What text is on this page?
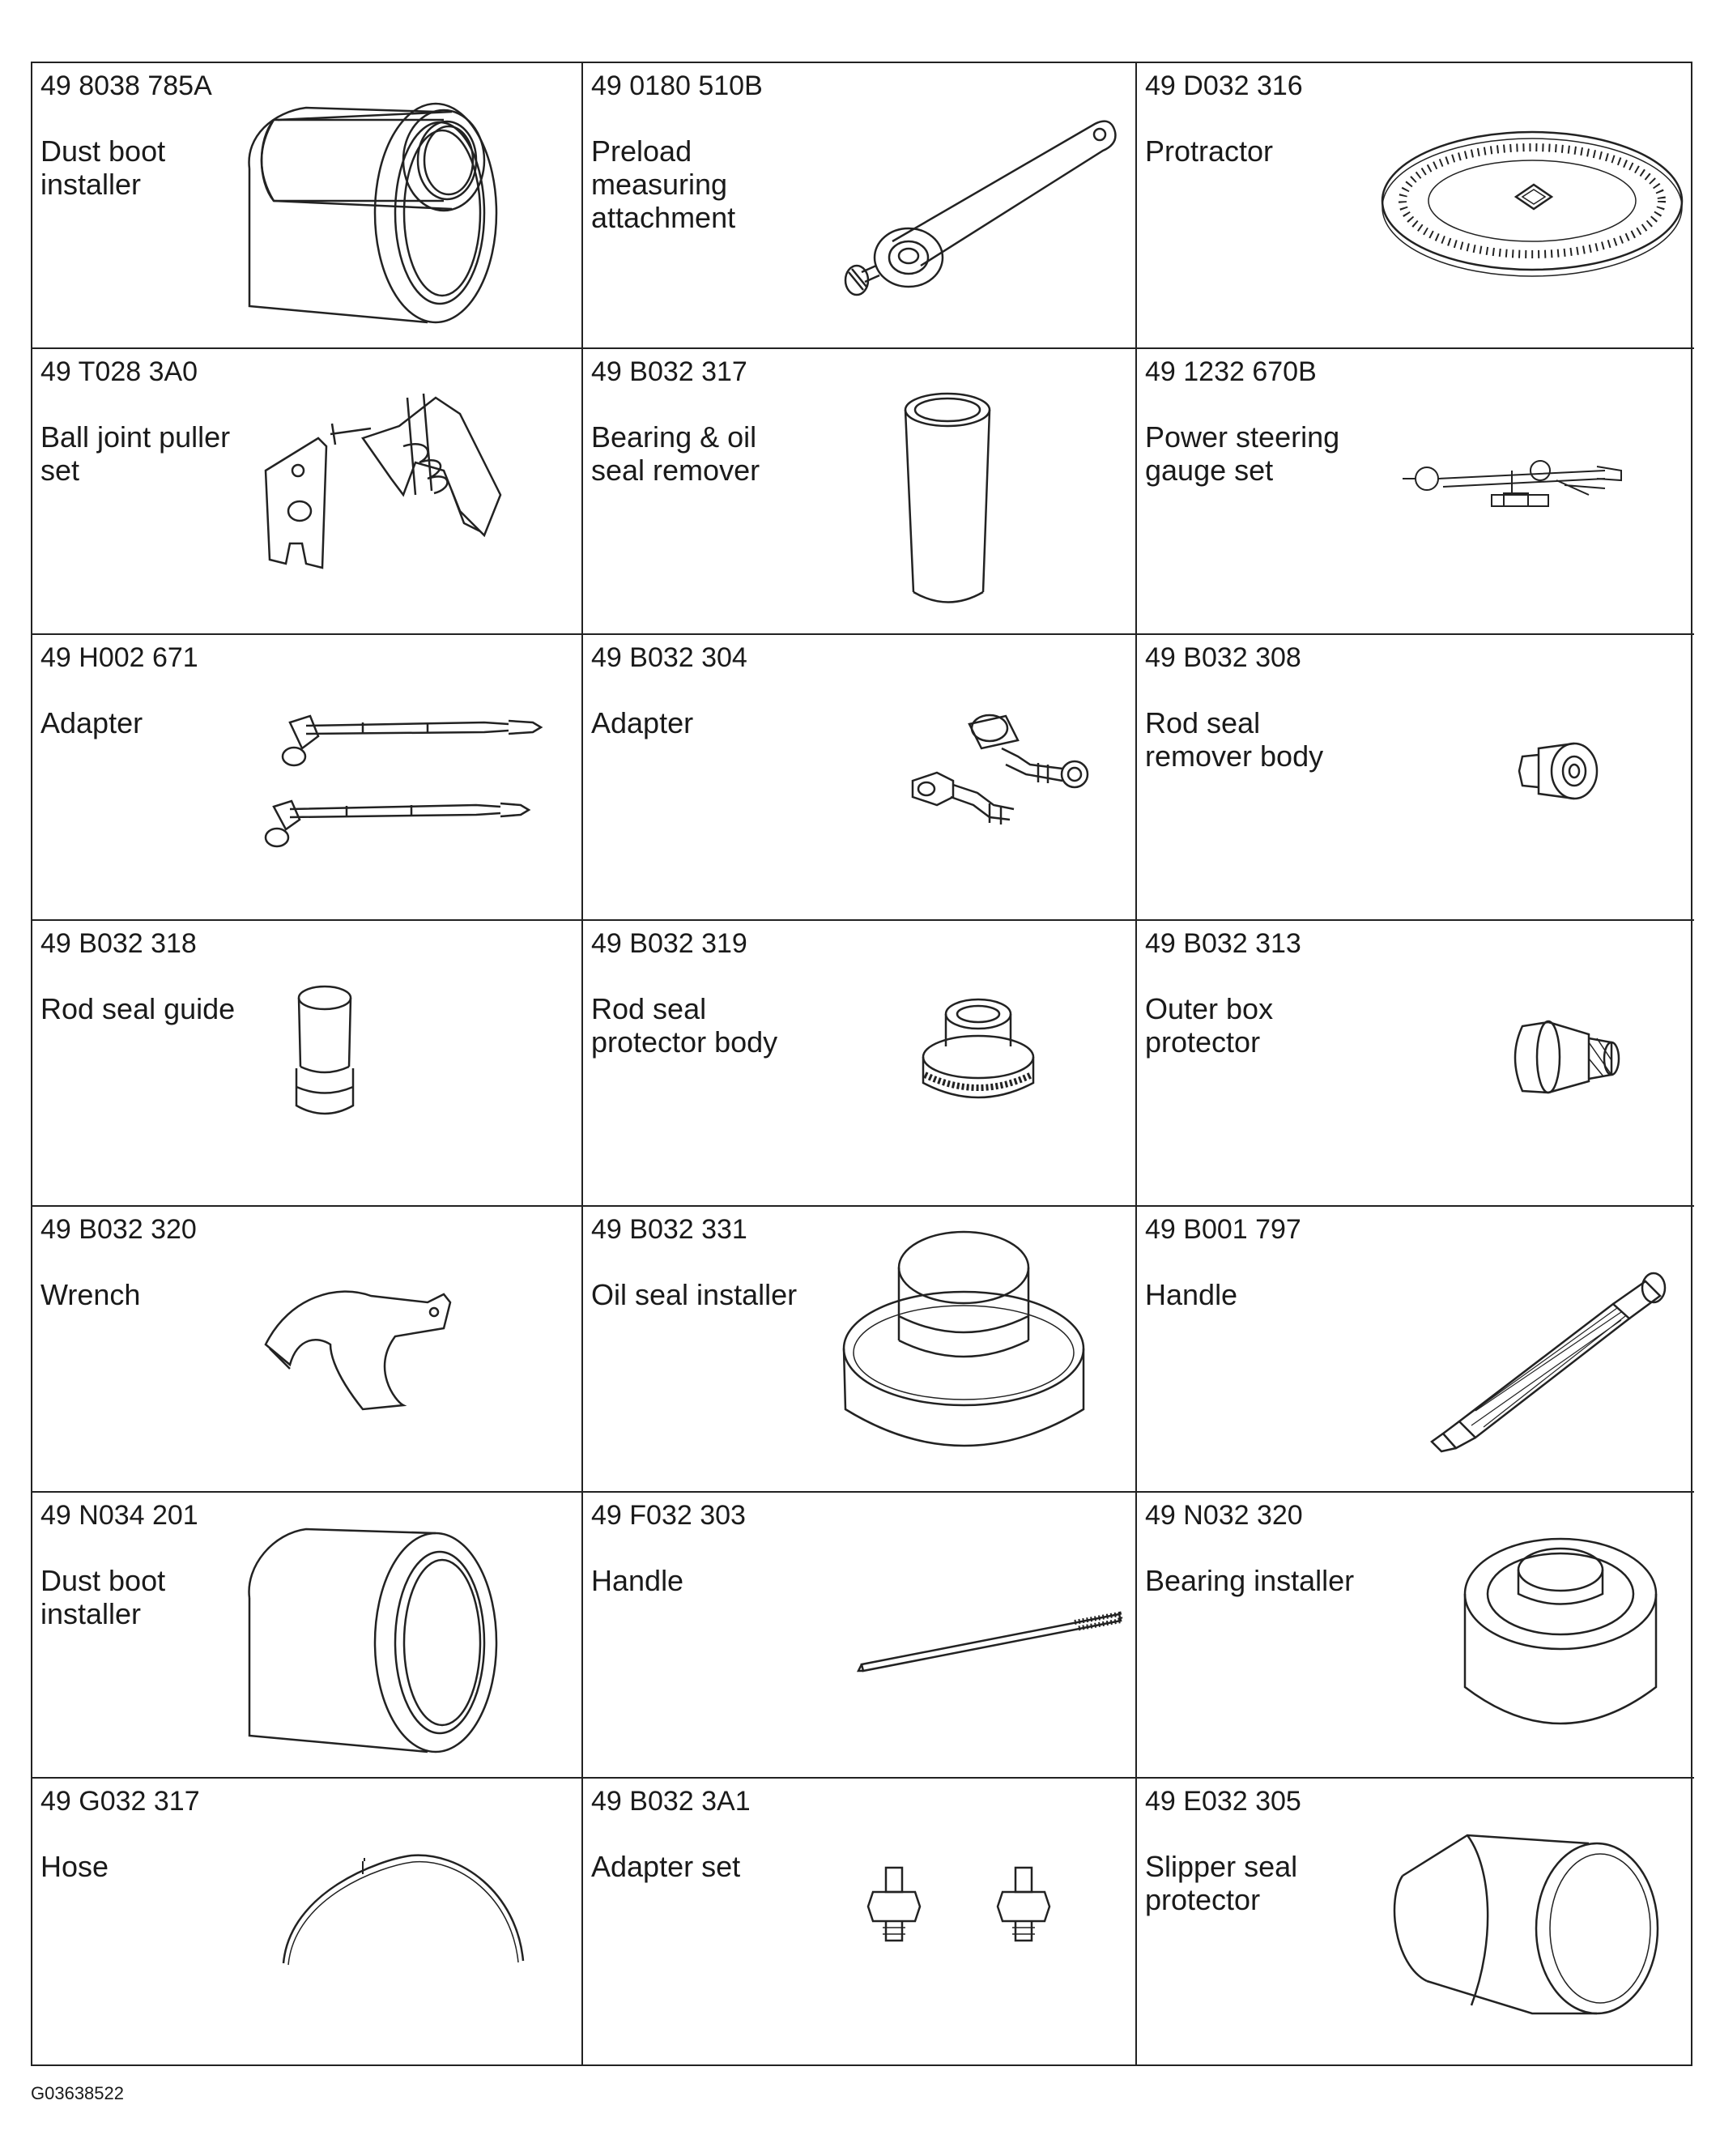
49 8038 785A
Dust boot
installer
49 0180 510B
Preload
measuring
attachment
49 D032 316
Protractor
49 T028 3A0
Ball joint puller
set
49 B032 317
Bearing & oil
seal remover
49 1232 670B
Power steering
gauge set
49 H002 671
Adapter
49 B032 304
Adapter
49 B032 308
Rod seal
remover body
49 B032 318
Rod seal guide
49 B032 319
Rod seal
protector body
49 B032 313
Outer box
protector
49 B032 320
Wrench
49 B032 331
Oil seal installer
49 B001 797
Handle
49 N034 201
Dust boot
installer
49 F032 303
Handle
49 N032 320
Bearing installer
49 G032 317
Hose
49 B032 3A1
Adapter set
49 E032 305
Slipper seal
protector
G03638522
